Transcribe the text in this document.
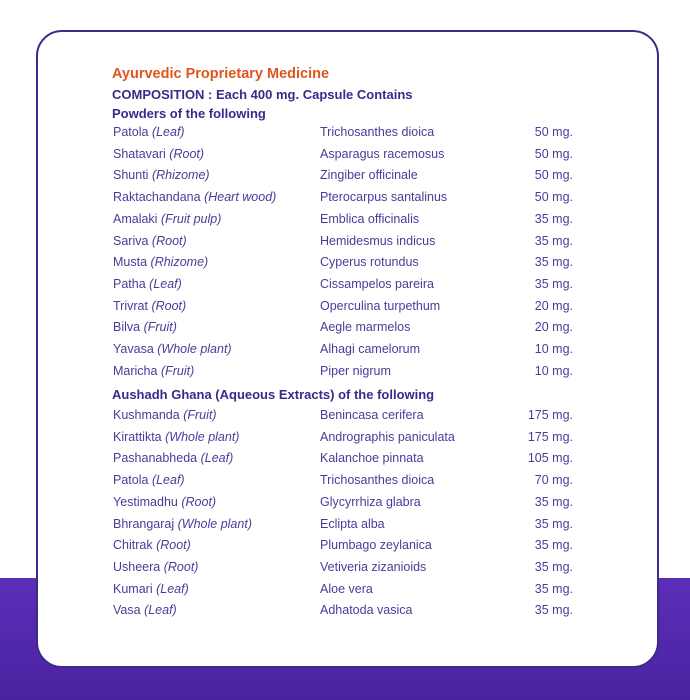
Ayurvedic Proprietary Medicine
COMPOSITION : Each 400 mg. Capsule Contains
Powders of the following
Patola (Leaf)	Trichosanthes dioica	50 mg.
Shatavari (Root)	Asparagus racemosus	50 mg.
Shunti (Rhizome)	Zingiber officinale	50 mg.
Raktachandana (Heart wood)	Pterocarpus santalinus	50 mg.
Amalaki (Fruit pulp)	Emblica officinalis	35 mg.
Sariva (Root)	Hemidesmus indicus	35 mg.
Musta (Rhizome)	Cyperus rotundus	35 mg.
Patha (Leaf)	Cissampelos pareira	35 mg.
Trivrat (Root)	Operculina turpethum	20 mg.
Bilva (Fruit)	Aegle marmelos	20 mg.
Yavasa (Whole plant)	Alhagi camelorum	10 mg.
Maricha (Fruit)	Piper nigrum	10 mg.
Aushadh Ghana (Aqueous Extracts) of the following
Kushmanda (Fruit)	Benincasa cerifera	175 mg.
Kirattikta (Whole plant)	Andrographis paniculata	175 mg.
Pashanabheda (Leaf)	Kalanchoe pinnata	105 mg.
Patola (Leaf)	Trichosanthes dioica	70 mg.
Yestimadhu (Root)	Glycyrrhiza glabra	35 mg.
Bhrangaraj (Whole plant)	Eclipta alba	35 mg.
Chitrak (Root)	Plumbago zeylanica	35 mg.
Usheera (Root)	Vetiveria zizanioids	35 mg.
Kumari (Leaf)	Aloe vera	35 mg.
Vasa (Leaf)	Adhatoda vasica	35 mg.
Preservatives : Methyl Paraben Sodium, Sodium Benzoate.
